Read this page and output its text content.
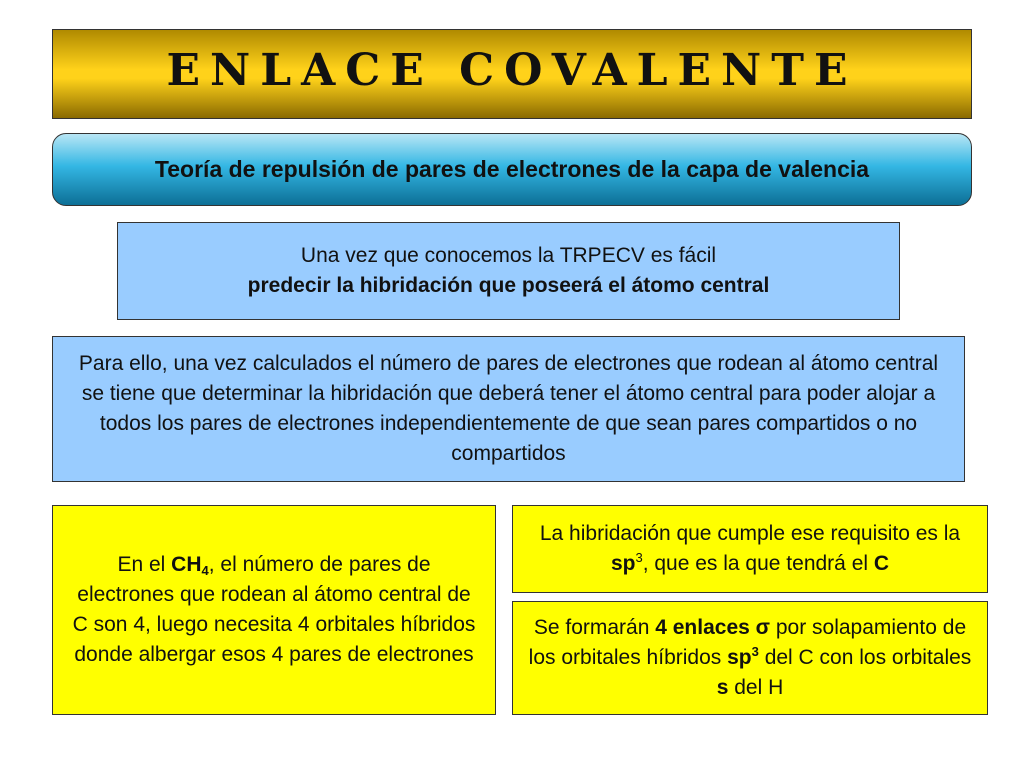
ENLACE COVALENTE
Teoría de repulsión de pares de electrones de la capa de valencia
Una vez que conocemos la TRPECV es fácil
predecir la hibridación que poseerá el átomo central
Para ello, una vez calculados el número de pares de electrones que rodean al átomo central se tiene que determinar la hibridación que deberá tener el átomo central para poder alojar a todos los pares de electrones independientemente de que sean pares compartidos o no compartidos
En el $CH_4$, el número de pares de electrones que rodean al átomo central de C son 4, luego necesita 4 orbitales híbridos donde albergar esos 4 pares de electrones
La hibridación que cumple ese requisito es la $sp^3$, que es la que tendrá el C
Se formarán 4 enlaces σ por solapamiento de los orbitales híbridos $sp^3$ del C con los orbitales s del H
